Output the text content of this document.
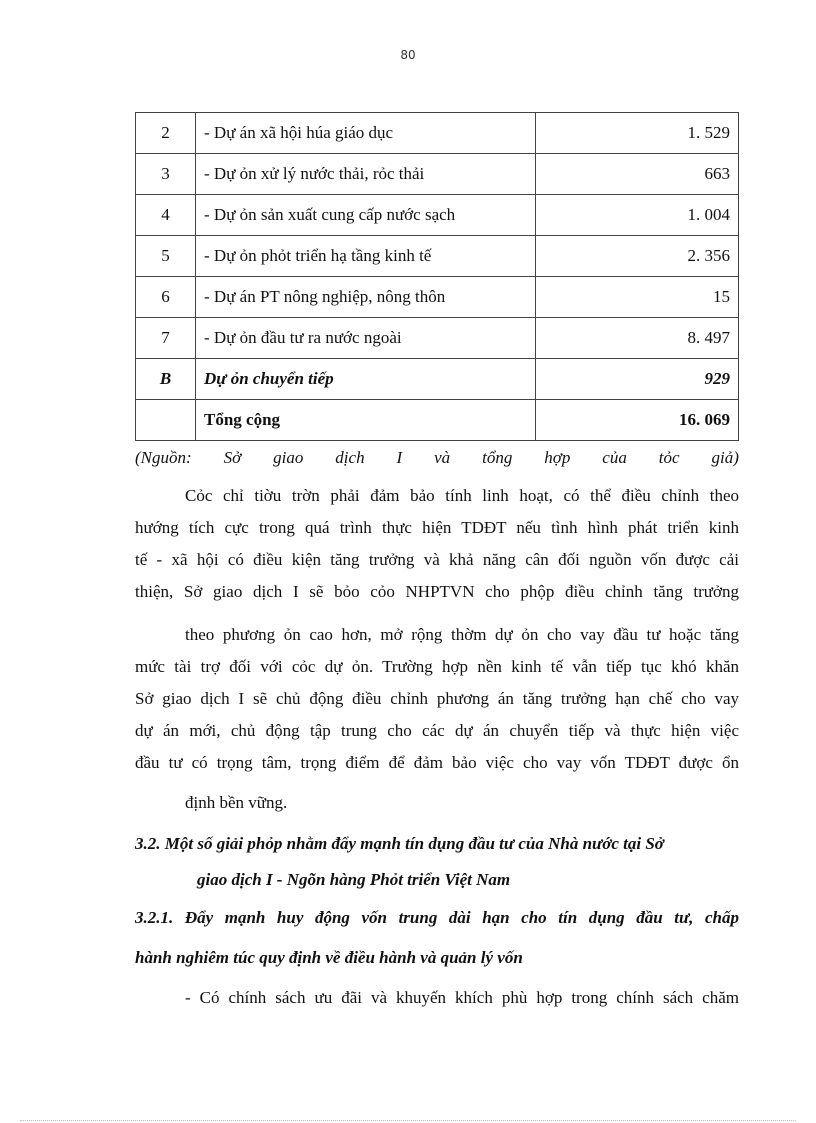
80
2	- Dự án xã hội húa giáo dục	1. 529
3	- Dự ỏn xử lý nước thải, rỏc thải	663
4	- Dự ỏn sản xuất cung cấp nước sạch	1. 004
5	- Dự ỏn phỏt triển hạ tầng kinh tế	2. 356
6	- Dự án PT nông nghiệp, nông thôn	15
7	- Dự ỏn đầu tư ra nước ngoài	8. 497
B	Dự ỏn chuyển tiếp	929
	Tổng cộng	16. 069
(Nguồn: Sở giao dịch I và tổng hợp của tỏc giả)
Cỏc chỉ tiờu trờn phải đảm bảo tính linh hoạt, có thể điều chỉnh theo
hướng tích cực trong quá trình thực hiện TDĐT nếu tình hình phát triển kinh
tế - xã hội có điều kiện tăng trưởng và khả năng cân đối nguồn vốn được cải
thiện, Sở giao dịch I sẽ bỏo cỏo NHPTVN cho phộp điều chỉnh tăng trưởng
theo phương ỏn cao hơn, mở rộng thờm dự ỏn cho vay đầu tư hoặc tăng
mức tài trợ đối với cỏc dự ỏn. Trường hợp nền kinh tế vẫn tiếp tục khó khăn
Sở giao dịch I sẽ chủ động điều chỉnh phương án tăng trưởng hạn chế cho vay
dự án mới, chủ động tập trung cho các dự án chuyển tiếp và thực hiện việc
đầu tư có trọng tâm, trọng điểm để đảm bảo việc cho vay vốn TDĐT được ổn
định bền vững.
3.2. Một số giải phỏp nhằm đẩy mạnh tín dụng đầu tư của Nhà nước tại Sở
giao dịch I - Ngõn hàng Phỏt triển Việt Nam
3.2.1. Đẩy mạnh huy động vốn trung dài hạn cho tín dụng đầu tư, chấp
hành nghiêm túc quy định về điều hành và quản lý vốn
- Có chính sách ưu đãi và khuyến khích phù hợp trong chính sách chăm
